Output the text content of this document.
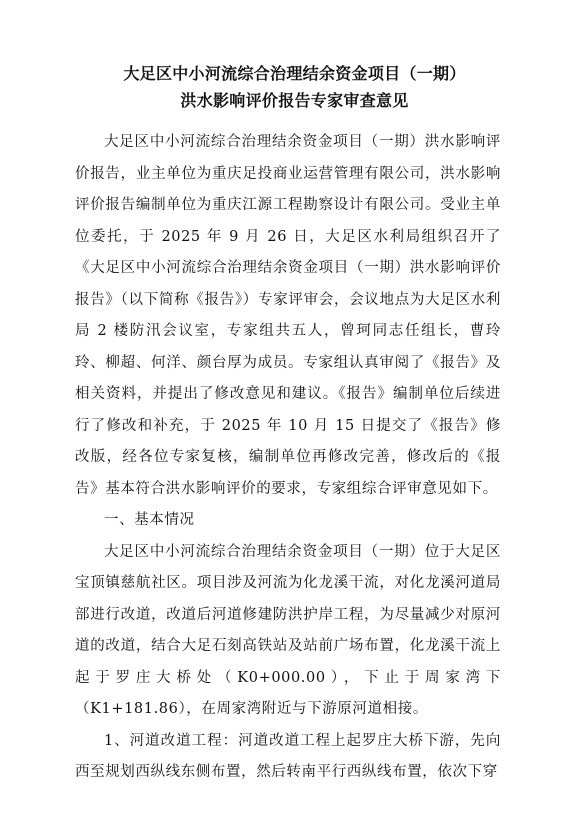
大足区中小河流综合治理结余资金项目（一期）
洪水影响评价报告专家审查意见

大足区中小河流综合治理结余资金项目（一期）洪水影响评价报告，业主单位为重庆足投商业运营管理有限公司，洪水影响评价报告编制单位为重庆江源工程勘察设计有限公司。受业主单位委托，于 2025 年 9 月 26 日，大足区水利局组织召开了《大足区中小河流综合治理结余资金项目（一期）洪水影响评价报告》（以下简称《报告》）专家评审会，会议地点为大足区水利局 2 楼防汛会议室，专家组共五人，曾珂同志任组长，曹玲玲、柳超、何洋、颜台厚为成员。专家组认真审阅了《报告》及相关资料，并提出了修改意见和建议。《报告》编制单位后续进行了修改和补充，于 2025 年 10 月 15 日提交了《报告》修改版，经各位专家复核，编制单位再修改完善，修改后的《报告》基本符合洪水影响评价的要求，专家组综合评审意见如下。

一、基本情况

大足区中小河流综合治理结余资金项目（一期）位于大足区宝顶镇慈航社区。项目涉及河流为化龙溪干流，对化龙溪河道局部进行改道，改道后河道修建防洪护岸工程，为尽量减少对原河道的改道，结合大足石刻高铁站及站前广场布置，化龙溪干流上起于罗庄大桥处（K0+000.00），下止于周家湾下（K1+181.86），在周家湾附近与下游原河道相接。

1、河道改道工程：河道改道工程上起罗庄大桥下游，先向西至规划西纵线东侧布置，然后转南平行西纵线布置，依次下穿
